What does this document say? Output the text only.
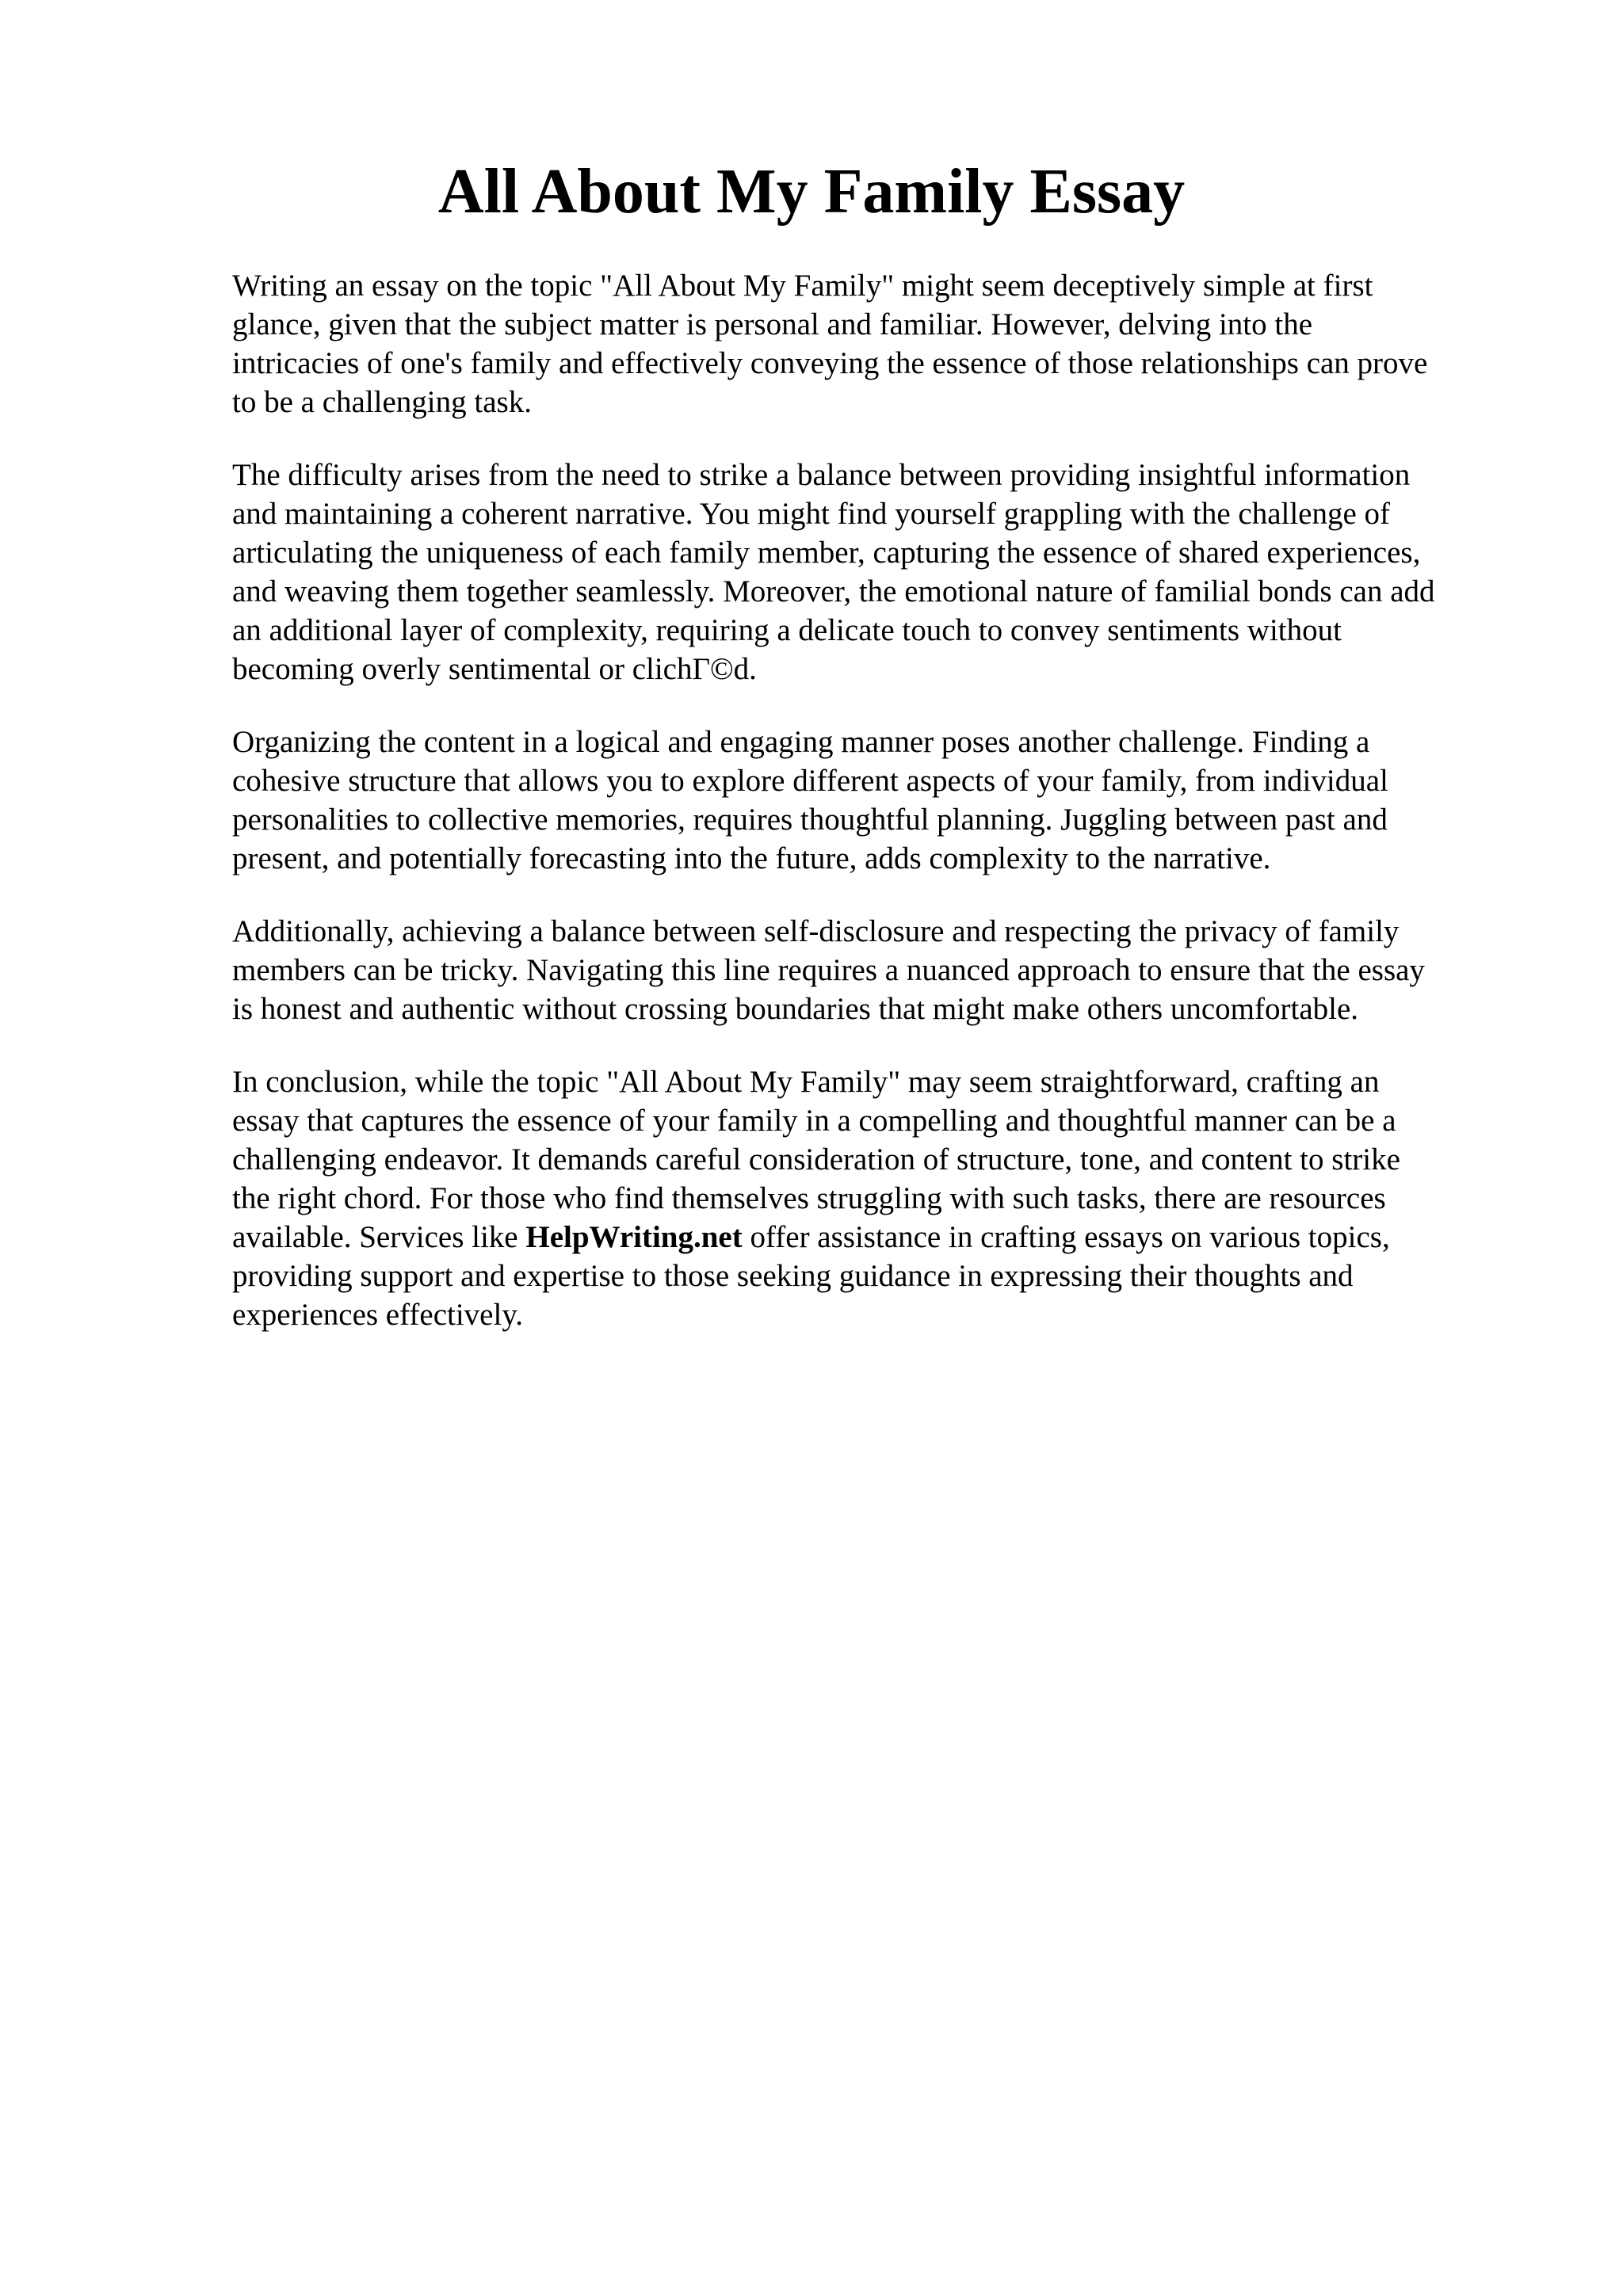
All About My Family Essay

Writing an essay on the topic "All About My Family" might seem deceptively simple at first
glance, given that the subject matter is personal and familiar. However, delving into the
intricacies of one's family and effectively conveying the essence of those relationships can prove
to be a challenging task.

The difficulty arises from the need to strike a balance between providing insightful information
and maintaining a coherent narrative. You might find yourself grappling with the challenge of
articulating the uniqueness of each family member, capturing the essence of shared experiences,
and weaving them together seamlessly. Moreover, the emotional nature of familial bonds can add
an additional layer of complexity, requiring a delicate touch to convey sentiments without
becoming overly sentimental or clichГ©d.

Organizing the content in a logical and engaging manner poses another challenge. Finding a
cohesive structure that allows you to explore different aspects of your family, from individual
personalities to collective memories, requires thoughtful planning. Juggling between past and
present, and potentially forecasting into the future, adds complexity to the narrative.

Additionally, achieving a balance between self-disclosure and respecting the privacy of family
members can be tricky. Navigating this line requires a nuanced approach to ensure that the essay
is honest and authentic without crossing boundaries that might make others uncomfortable.

In conclusion, while the topic "All About My Family" may seem straightforward, crafting an
essay that captures the essence of your family in a compelling and thoughtful manner can be a
challenging endeavor. It demands careful consideration of structure, tone, and content to strike
the right chord. For those who find themselves struggling with such tasks, there are resources
available. Services like HelpWriting.net offer assistance in crafting essays on various topics,
providing support and expertise to those seeking guidance in expressing their thoughts and
experiences effectively.
